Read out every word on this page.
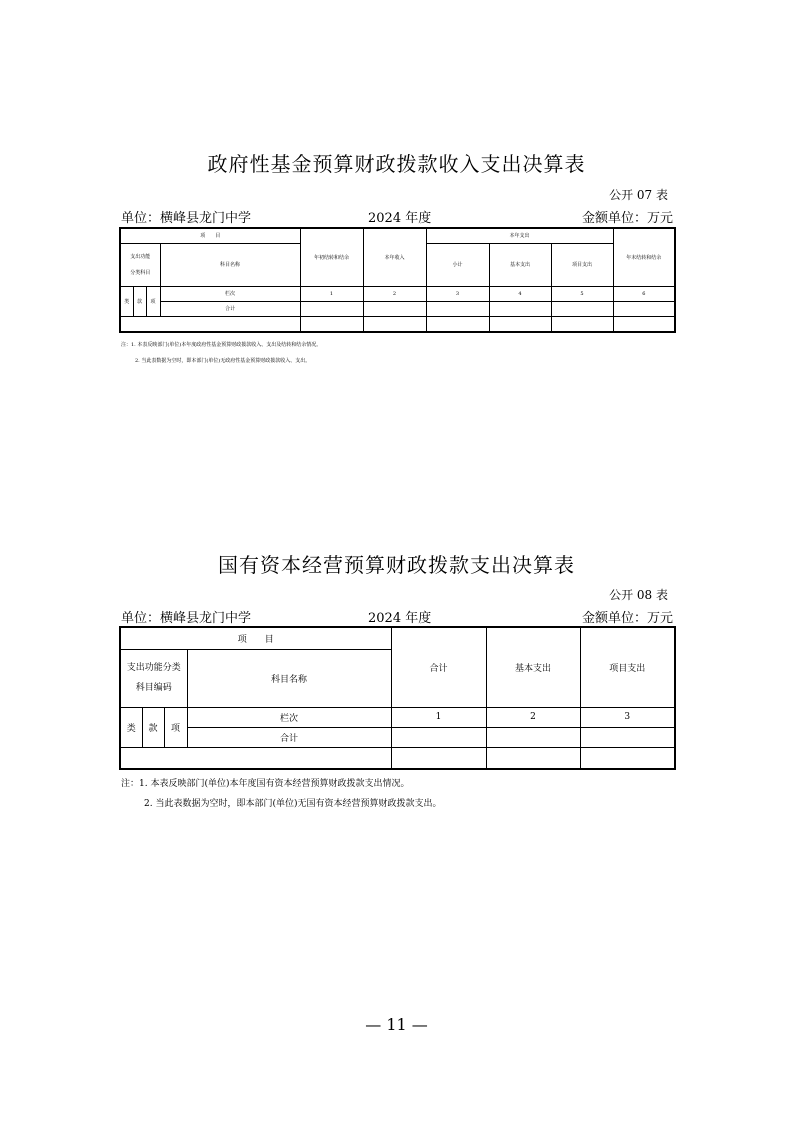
政府性基金预算财政拨款收入支出决算表
公开 07 表
单位：横峰县龙门中学	2024 年度	金额单位：万元
项　　目				年初结转和结余	本年收入	本年支出			年末结转和结余

支出功能
分类科目			科目名称			小计	基本支出	项目支出	
类	款	项	栏次	1	2	3	4	5	6
			合计						

注：1. 本表反映部门(单位)本年度政府性基金预算财政拨款收入、支出及结转和结余情况。
2. 当此表数据为空时，即本部门(单位)无政府性基金预算财政拨款收入、支出。
国有资本经营预算财政拨款支出决算表
公开 08 表
单位：横峰县龙门中学	2024 年度	金额单位：万元
项　　目				合计	基本支出	项目支出

支出功能分类
科目编码			科目名称			
类	款	项	栏次	1	2	3
			合计			

注：1. 本表反映部门(单位)本年度国有资本经营预算财政拨款支出情况。
2. 当此表数据为空时，即本部门(单位)无国有资本经营预算财政拨款支出。
— 11 —
